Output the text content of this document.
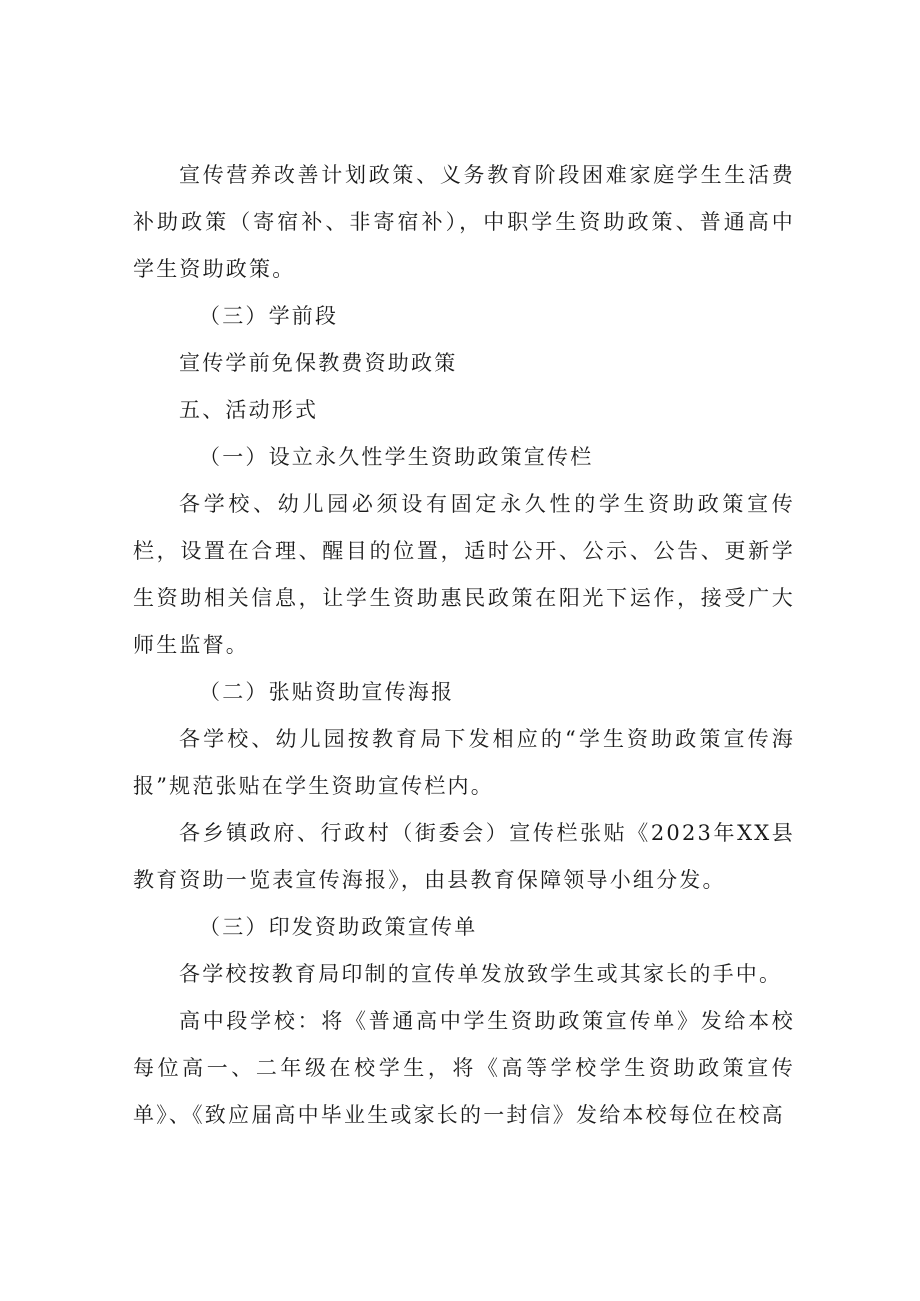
宣传营养改善计划政策、义务教育阶段困难家庭学生生活费补助政策（寄宿补、非寄宿补），中职学生资助政策、普通高中学生资助政策。

（三）学前段

宣传学前免保教费资助政策

五、活动形式

（一）设立永久性学生资助政策宣传栏

各学校、幼儿园必须设有固定永久性的学生资助政策宣传栏，设置在合理、醒目的位置，适时公开、公示、公告、更新学生资助相关信息，让学生资助惠民政策在阳光下运作，接受广大师生监督。

（二）张贴资助宣传海报

各学校、幼儿园按教育局下发相应的“学生资助政策宣传海报”规范张贴在学生资助宣传栏内。

各乡镇政府、行政村（街委会）宣传栏张贴《2023年XX县教育资助一览表宣传海报》，由县教育保障领导小组分发。

（三）印发资助政策宣传单

各学校按教育局印制的宣传单发放致学生或其家长的手中。

高中段学校：将《普通高中学生资助政策宣传单》发给本校每位高一、二年级在校学生，将《高等学校学生资助政策宣传单》、《致应届高中毕业生或家长的一封信》发给本校每位在校高
